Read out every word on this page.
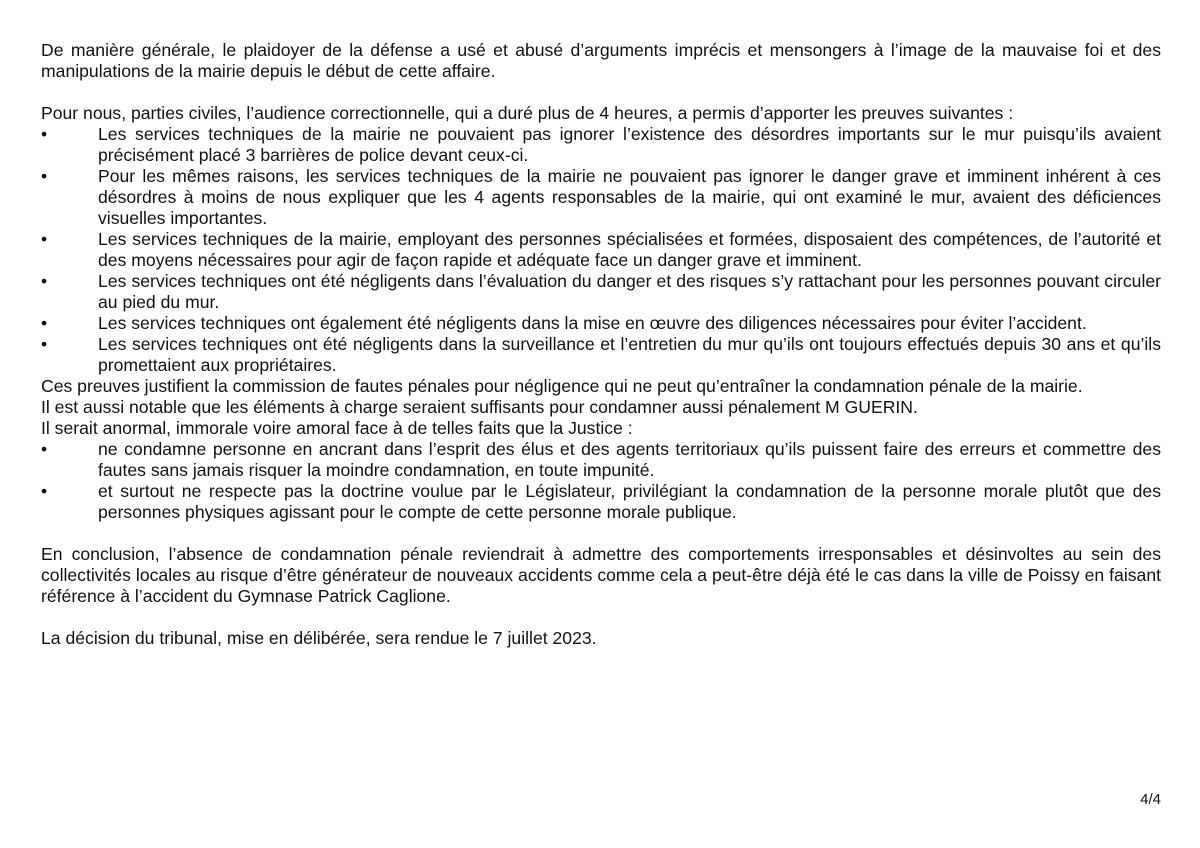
De manière générale, le plaidoyer de la défense a usé et abusé d’arguments imprécis et mensongers à l’image de la mauvaise foi et des manipulations de la mairie depuis le début de cette affaire.

Pour nous, parties civiles, l’audience correctionnelle, qui a duré plus de 4 heures, a permis d’apporter les preuves suivantes :

•	Les services techniques de la mairie ne pouvaient pas ignorer l’existence des désordres importants sur le mur puisqu’ils avaient précisément placé 3 barrières de police devant ceux-ci.
•	Pour les mêmes raisons, les services techniques de la mairie ne pouvaient pas ignorer le danger grave et imminent inhérent à ces désordres à moins de nous expliquer que les 4 agents responsables de la mairie, qui ont examiné le mur, avaient des déficiences visuelles importantes.
•	Les services techniques de la mairie, employant des personnes spécialisées et formées, disposaient des compétences, de l’autorité et des moyens nécessaires pour agir de façon rapide et adéquate face un danger grave et imminent.
•	Les services techniques ont été négligents dans l’évaluation du danger et des risques s’y rattachant pour les personnes pouvant circuler au pied du mur.
•	Les services techniques ont également été négligents dans la mise en œuvre des diligences nécessaires pour éviter l’accident.
•	Les services techniques ont été négligents dans la surveillance et l’entretien du mur qu’ils ont toujours effectués depuis 30 ans et qu’ils promettaient aux propriétaires.

Ces preuves justifient la commission de fautes pénales pour négligence qui ne peut qu’entraîner la condamnation pénale de la mairie.

Il est aussi notable que les éléments à charge seraient suffisants pour condamner aussi pénalement M GUERIN.

Il serait anormal, immorale voire amoral face à de telles faits que la Justice :

•	ne condamne personne en ancrant dans l’esprit des élus et des agents territoriaux qu’ils puissent faire des erreurs et commettre des fautes sans jamais risquer la moindre condamnation, en toute impunité.
•	et surtout ne respecte pas la doctrine voulue par le Législateur, privilégiant la condamnation de la personne morale plutôt que des personnes physiques agissant pour le compte de cette personne morale publique.

En conclusion, l’absence de condamnation pénale reviendrait à admettre des comportements irresponsables et désinvoltes au sein des collectivités locales au risque d’être générateur de nouveaux accidents comme cela a peut-être déjà été le cas dans la ville de Poissy en faisant référence à l’accident du Gymnase Patrick Caglione.

La décision du tribunal, mise en délibérée, sera rendue le 7 juillet 2023.

4/4
